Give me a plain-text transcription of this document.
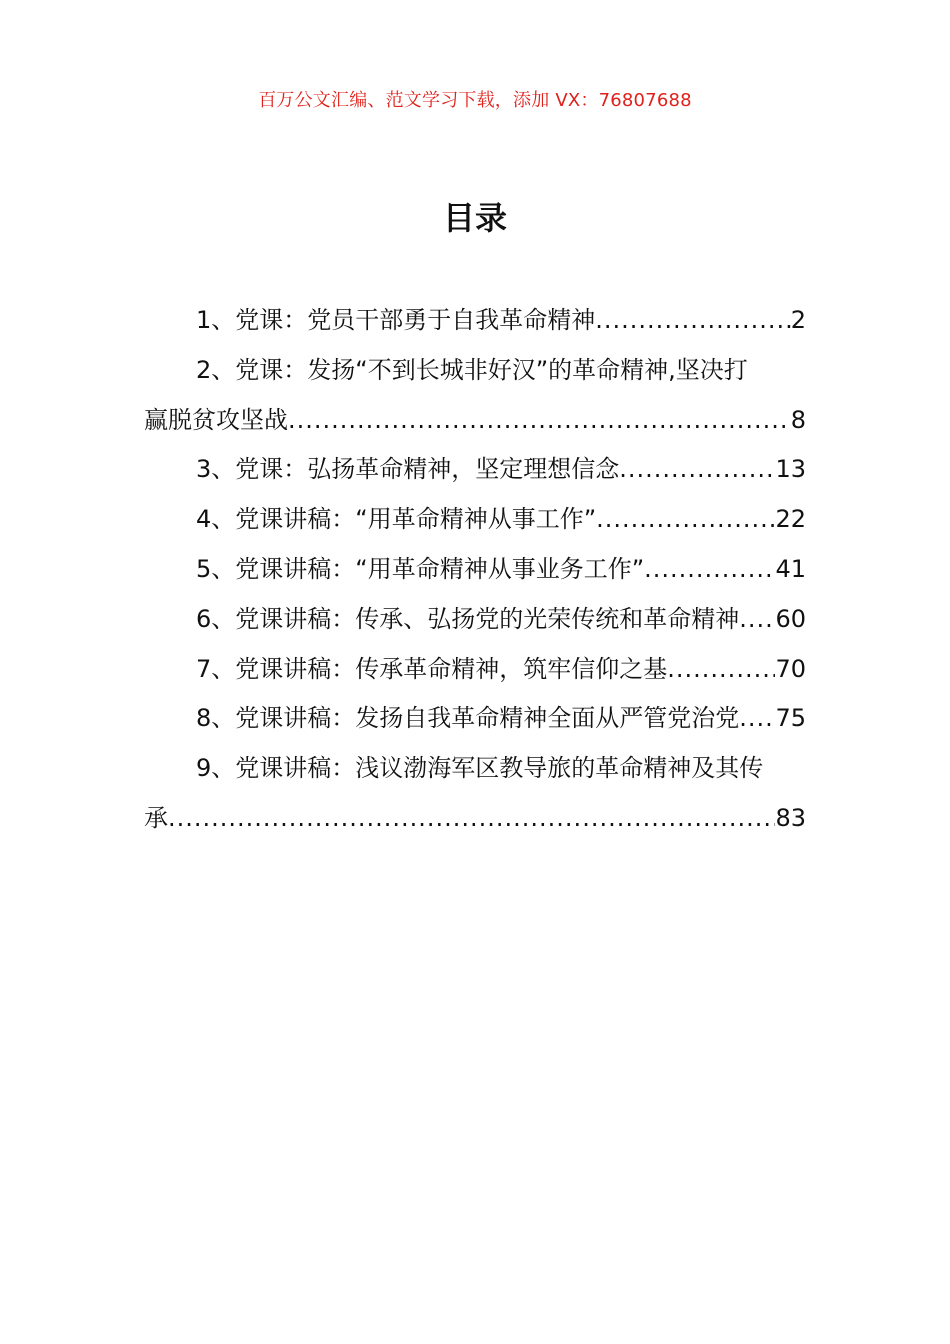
百万公文汇编、范文学习下载，添加 VX：76807688
目录
1、党课：党员干部勇于自我革命精神 .....	2
2、党课：发扬“不到长城非好汉”的革命精神,坚决打
赢脱贫攻坚战 .....	8
3、党课：弘扬革命精神，坚定理想信念 .....	13
4、党课讲稿：“用革命精神从事工作” .....	22
5、党课讲稿：“用革命精神从事业务工作” .....	41
6、党课讲稿：传承、弘扬党的光荣传统和革命精神 ..... 60
7、党课讲稿：传承革命精神，筑牢信仰之基 .....	70
8、党课讲稿：发扬自我革命精神全面从严管党治党 ..... 75
9、党课讲稿：浅议渤海军区教导旅的革命精神及其传
承 .....	83
